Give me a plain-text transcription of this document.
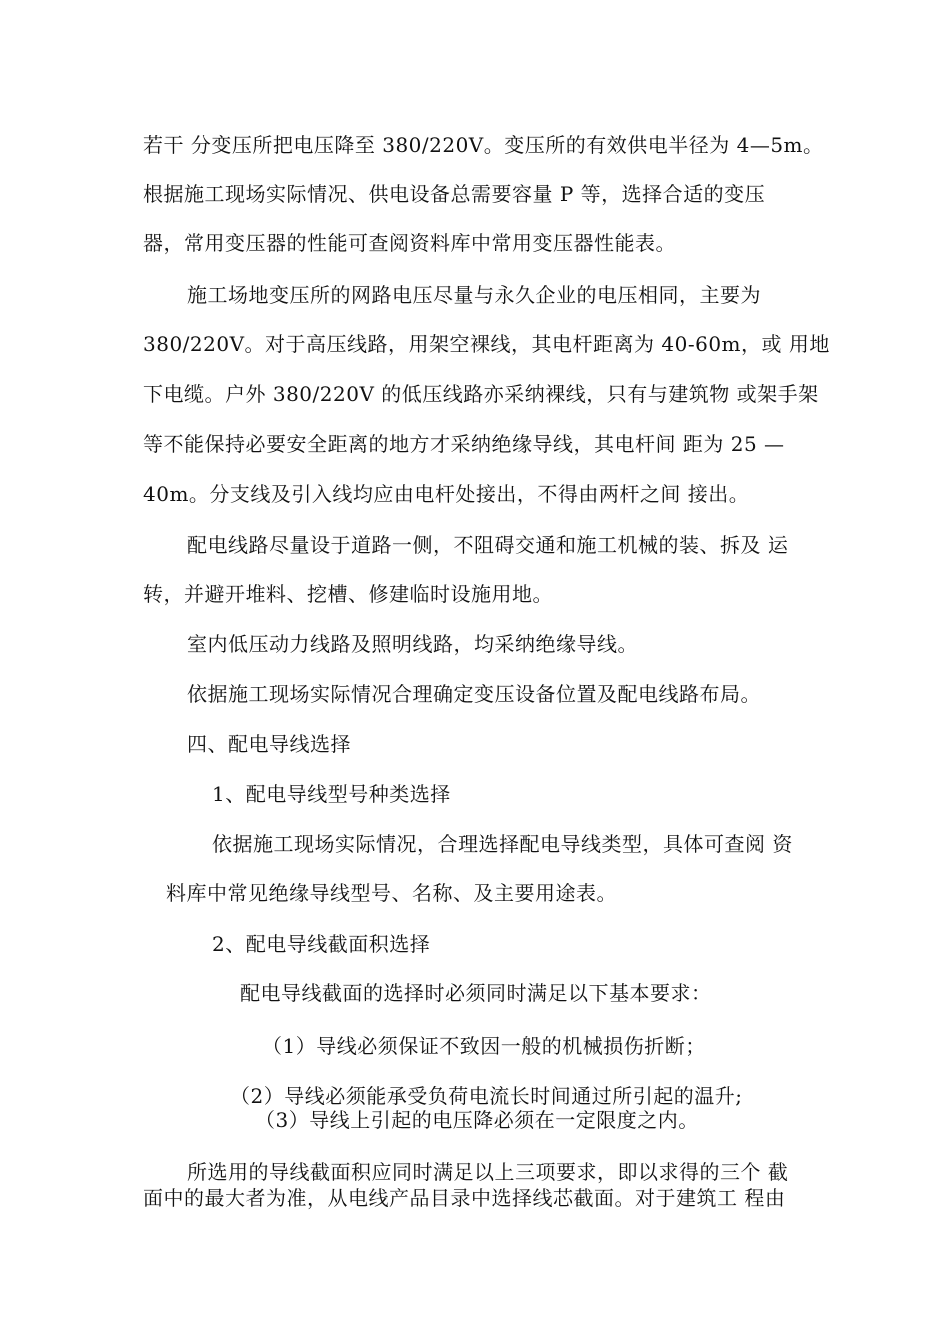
若干 分变压所把电压降至 380/220V。变压所的有效供电半径为 4—5m。
根据施工现场实际情况、供电设备总需要容量 P 等，选择合适的变压
器，常用变压器的性能可查阅资料库中常用变压器性能表。
施工场地变压所的网路电压尽量与永久企业的电压相同，主要为
380/220V。对于高压线路，用架空裸线，其电杆距离为 40-60m，或 用地
下电缆。户外 380/220V 的低压线路亦采纳裸线，只有与建筑物 或架手架
等不能保持必要安全距离的地方才采纳绝缘导线，其电杆间 距为 25 —
40m。分支线及引入线均应由电杆处接出，不得由两杆之间 接出。
配电线路尽量设于道路一侧，不阻碍交通和施工机械的装、拆及 运
转，并避开堆料、挖槽、修建临时设施用地。
室内低压动力线路及照明线路，均采纳绝缘导线。
依据施工现场实际情况合理确定变压设备位置及配电线路布局。
四、配电导线选择
1、配电导线型号种类选择
依据施工现场实际情况，合理选择配电导线类型，具体可查阅 资
料库中常见绝缘导线型号、名称、及主要用途表。
2、配电导线截面积选择
配电导线截面的选择时必须同时满足以下基本要求：
（1）导线必须保证不致因一般的机械损伤折断；
（2）导线必须能承受负荷电流长时间通过所引起的温升;
（3）导线上引起的电压降必须在一定限度之内。
所选用的导线截面积应同时满足以上三项要求，即以求得的三个 截
面中的最大者为准，从电线产品目录中选择线芯截面。对于建筑工 程由
